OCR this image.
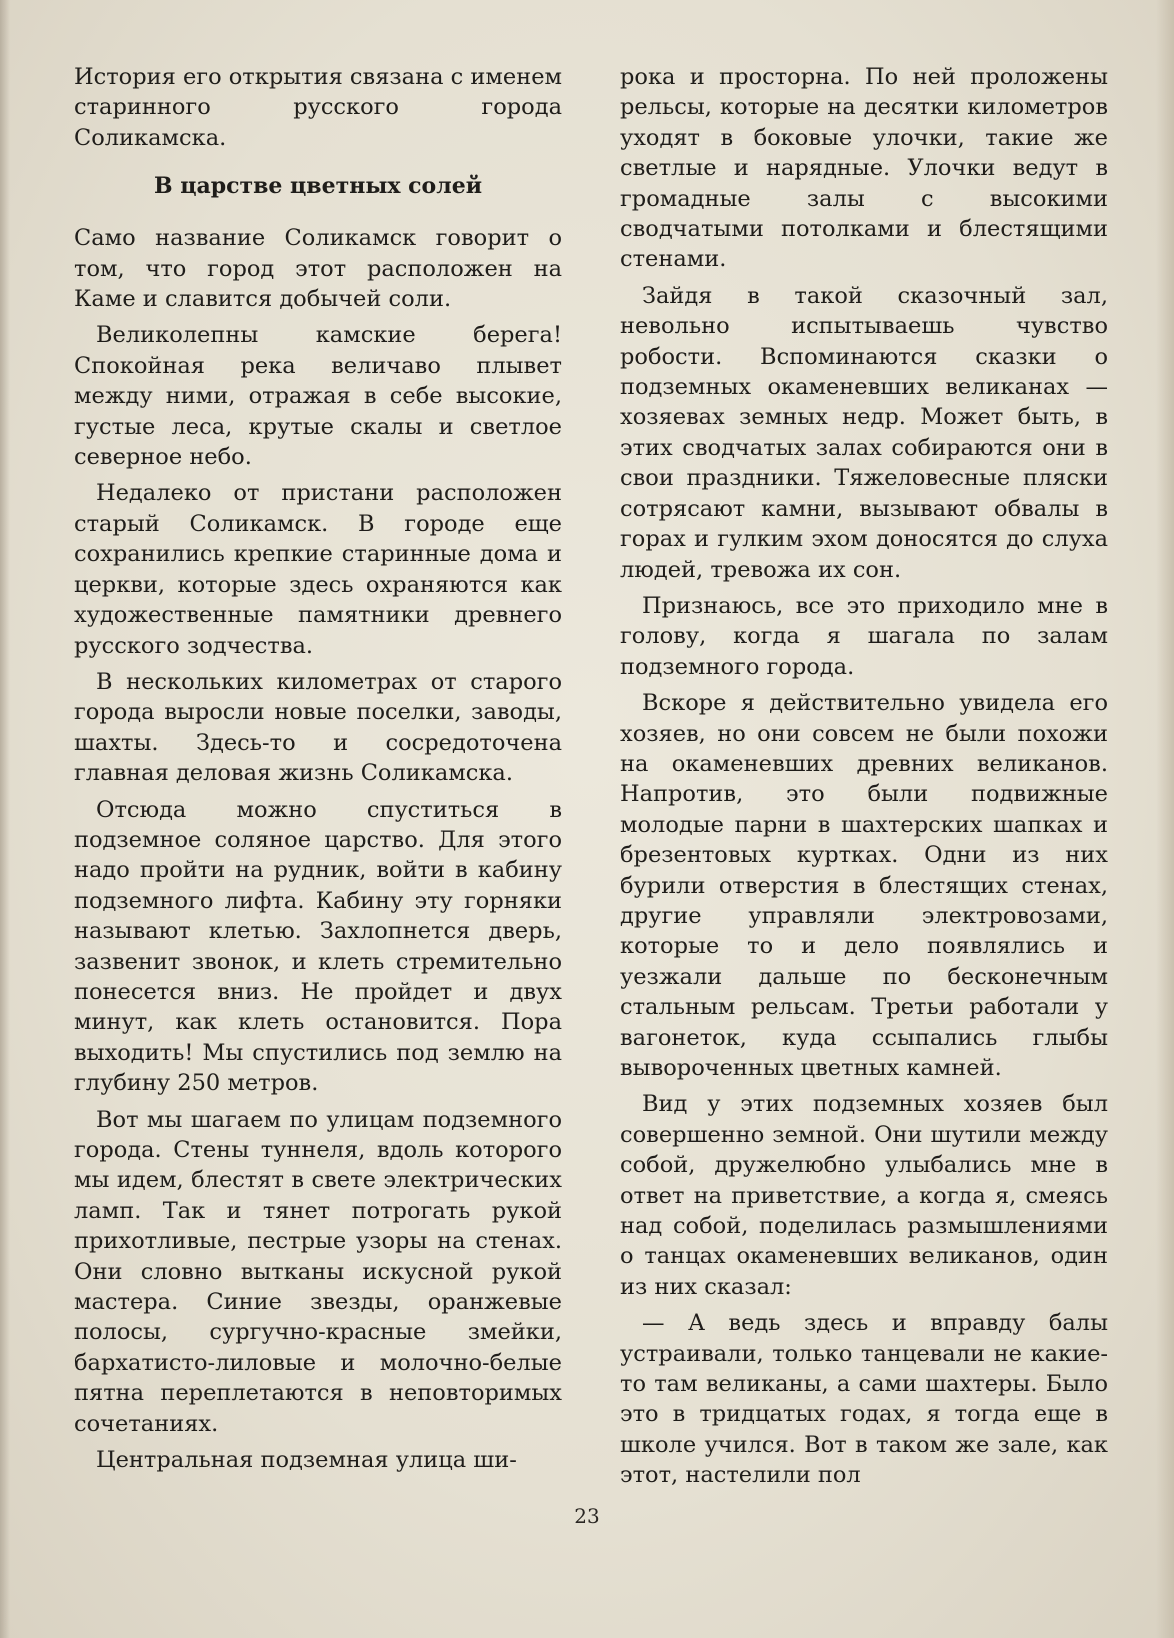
История его открытия связана с именем старинного русского города Соликамска.

В царстве цветных солей

Само название Соликамск говорит о том, что город этот расположен на Каме и славится добычей соли.

Великолепны камские берега! Спокойная река величаво плывет между ними, отражая в себе высокие, густые леса, крутые скалы и светлое северное небо.

Недалеко от пристани расположен старый Соликамск. В городе еще сохранились крепкие старинные дома и церкви, которые здесь охраняются как художественные памятники древнего русского зодчества.

В нескольких километрах от старого города выросли новые поселки, заводы, шахты. Здесь-то и сосредоточена главная деловая жизнь Соликамска.

Отсюда можно спуститься в подземное соляное царство. Для этого надо пройти на рудник, войти в кабину подземного лифта. Кабину эту горняки называют клетью. Захлопнется дверь, зазвенит звонок, и клеть стремительно понесется вниз. Не пройдет и двух минут, как клеть остановится. Пора выходить! Мы спустились под землю на глубину 250 метров.

Вот мы шагаем по улицам подземного города. Стены туннеля, вдоль которого мы идем, блестят в свете электрических ламп. Так и тянет потрогать рукой прихотливые, пестрые узоры на стенах. Они словно вытканы искусной рукой мастера. Синие звезды, оранжевые полосы, сургучно-красные змейки, бархатисто-лиловые и молочно-белые пятна переплетаются в неповторимых сочетаниях.

Центральная подземная улица ши-

рока и просторна. По ней проложены рельсы, которые на десятки километров уходят в боковые улочки, такие же светлые и нарядные. Улочки ведут в громадные залы с высокими сводчатыми потолками и блестящими стенами.

Зайдя в такой сказочный зал, невольно испытываешь чувство робости. Вспоминаются сказки о подземных окаменевших великанах — хозяевах земных недр. Может быть, в этих сводчатых залах собираются они в свои праздники. Тяжеловесные пляски сотрясают камни, вызывают обвалы в горах и гулким эхом доносятся до слуха людей, тревожа их сон.

Признаюсь, все это приходило мне в голову, когда я шагала по залам подземного города.

Вскоре я действительно увидела его хозяев, но они совсем не были похожи на окаменевших древних великанов. Напротив, это были подвижные молодые парни в шахтерских шапках и брезентовых куртках. Одни из них бурили отверстия в блестящих стенах, другие управляли электровозами, которые то и дело появлялись и уезжали дальше по бесконечным стальным рельсам. Третьи работали у вагонеток, куда ссыпались глыбы вывороченных цветных камней.

Вид у этих подземных хозяев был совершенно земной. Они шутили между собой, дружелюбно улыбались мне в ответ на приветствие, а когда я, смеясь над собой, поделилась размышлениями о танцах окаменевших великанов, один из них сказал:

— А ведь здесь и вправду балы устраивали, только танцевали не какие-то там великаны, а сами шахтеры. Было это в тридцатых годах, я тогда еще в школе учился. Вот в таком же зале, как этот, настелили пол

23
